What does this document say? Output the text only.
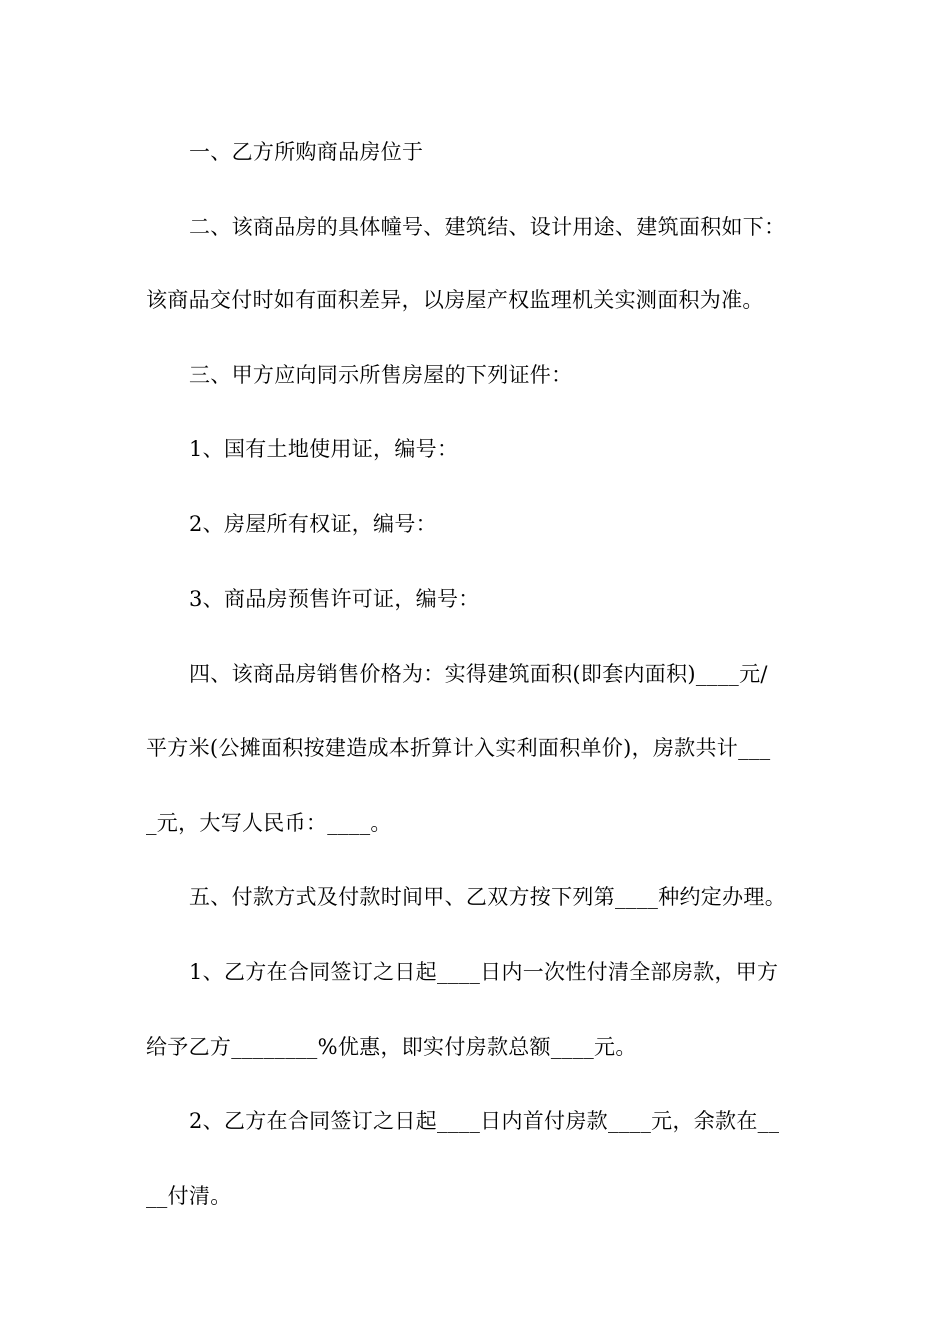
一、乙方所购商品房位于
二、该商品房的具体幢号、建筑结、设计用途、建筑面积如下：
该商品交付时如有面积差异，以房屋产权监理机关实测面积为准。
三、甲方应向同示所售房屋的下列证件：
1、国有土地使用证，编号：
2、房屋所有权证，编号：
3、商品房预售许可证，编号：
四、该商品房销售价格为：实得建筑面积(即套内面积)____元/
平方米(公摊面积按建造成本折算计入实利面积单价)，房款共计___
_元，大写人民币：____。
五、付款方式及付款时间甲、乙双方按下列第____种约定办理。
1、乙方在合同签订之日起____日内一次性付清全部房款，甲方
给予乙方________%优惠，即实付房款总额____元。
2、乙方在合同签订之日起____日内首付房款____元，余款在__
__付清。
